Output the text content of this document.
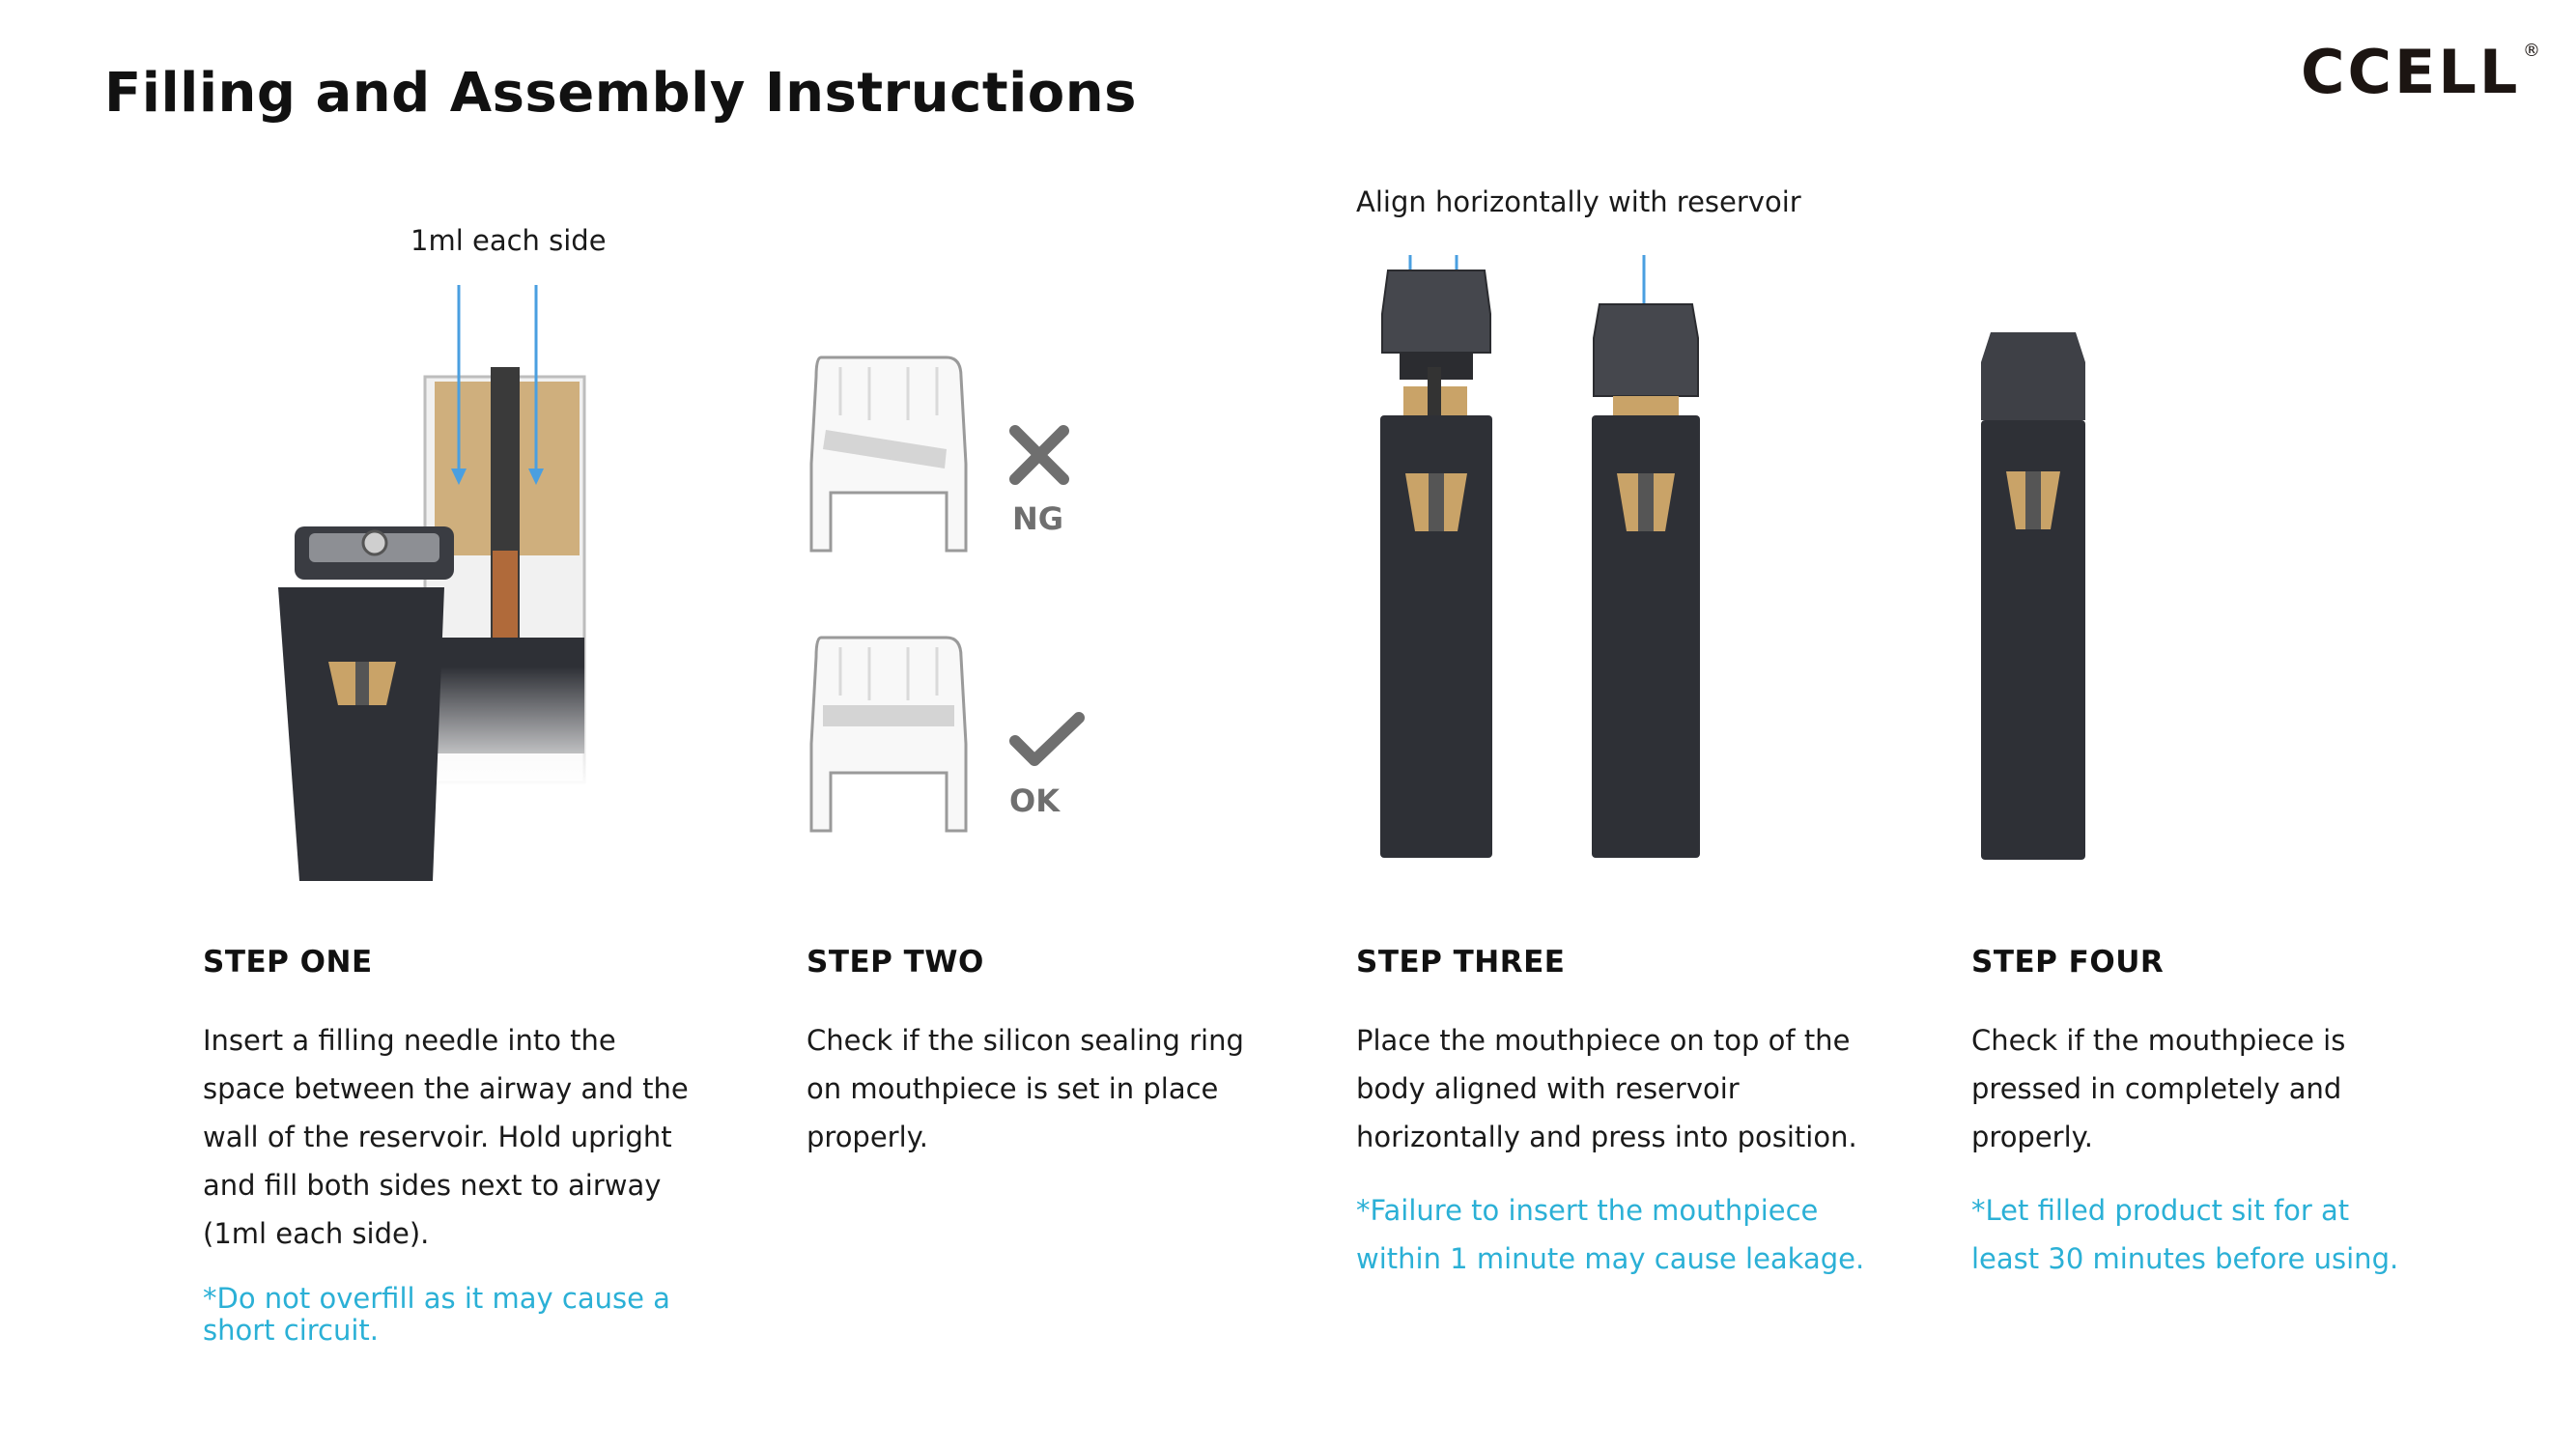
Filling and Assembly Instructions	CCELL ®
1ml each side
Align horizontally with reservoir
NG
OK
STEP ONE
Insert a filling needle into the
space between the airway and the
wall of the reservoir. Hold upright
and fill both sides next to airway
(1ml each side).
*Do not overfill as it may cause a
short circuit.
STEP TWO
Check if the silicon sealing ring
on mouthpiece is set in place
properly.
STEP THREE
Place the mouthpiece on top of the
body aligned with reservoir
horizontally and press into position.
*Failure to insert the mouthpiece
within 1 minute may cause leakage.
STEP FOUR
Check if the mouthpiece is
pressed in completely and
properly.
*Let filled product sit for at
least 30 minutes before using.
